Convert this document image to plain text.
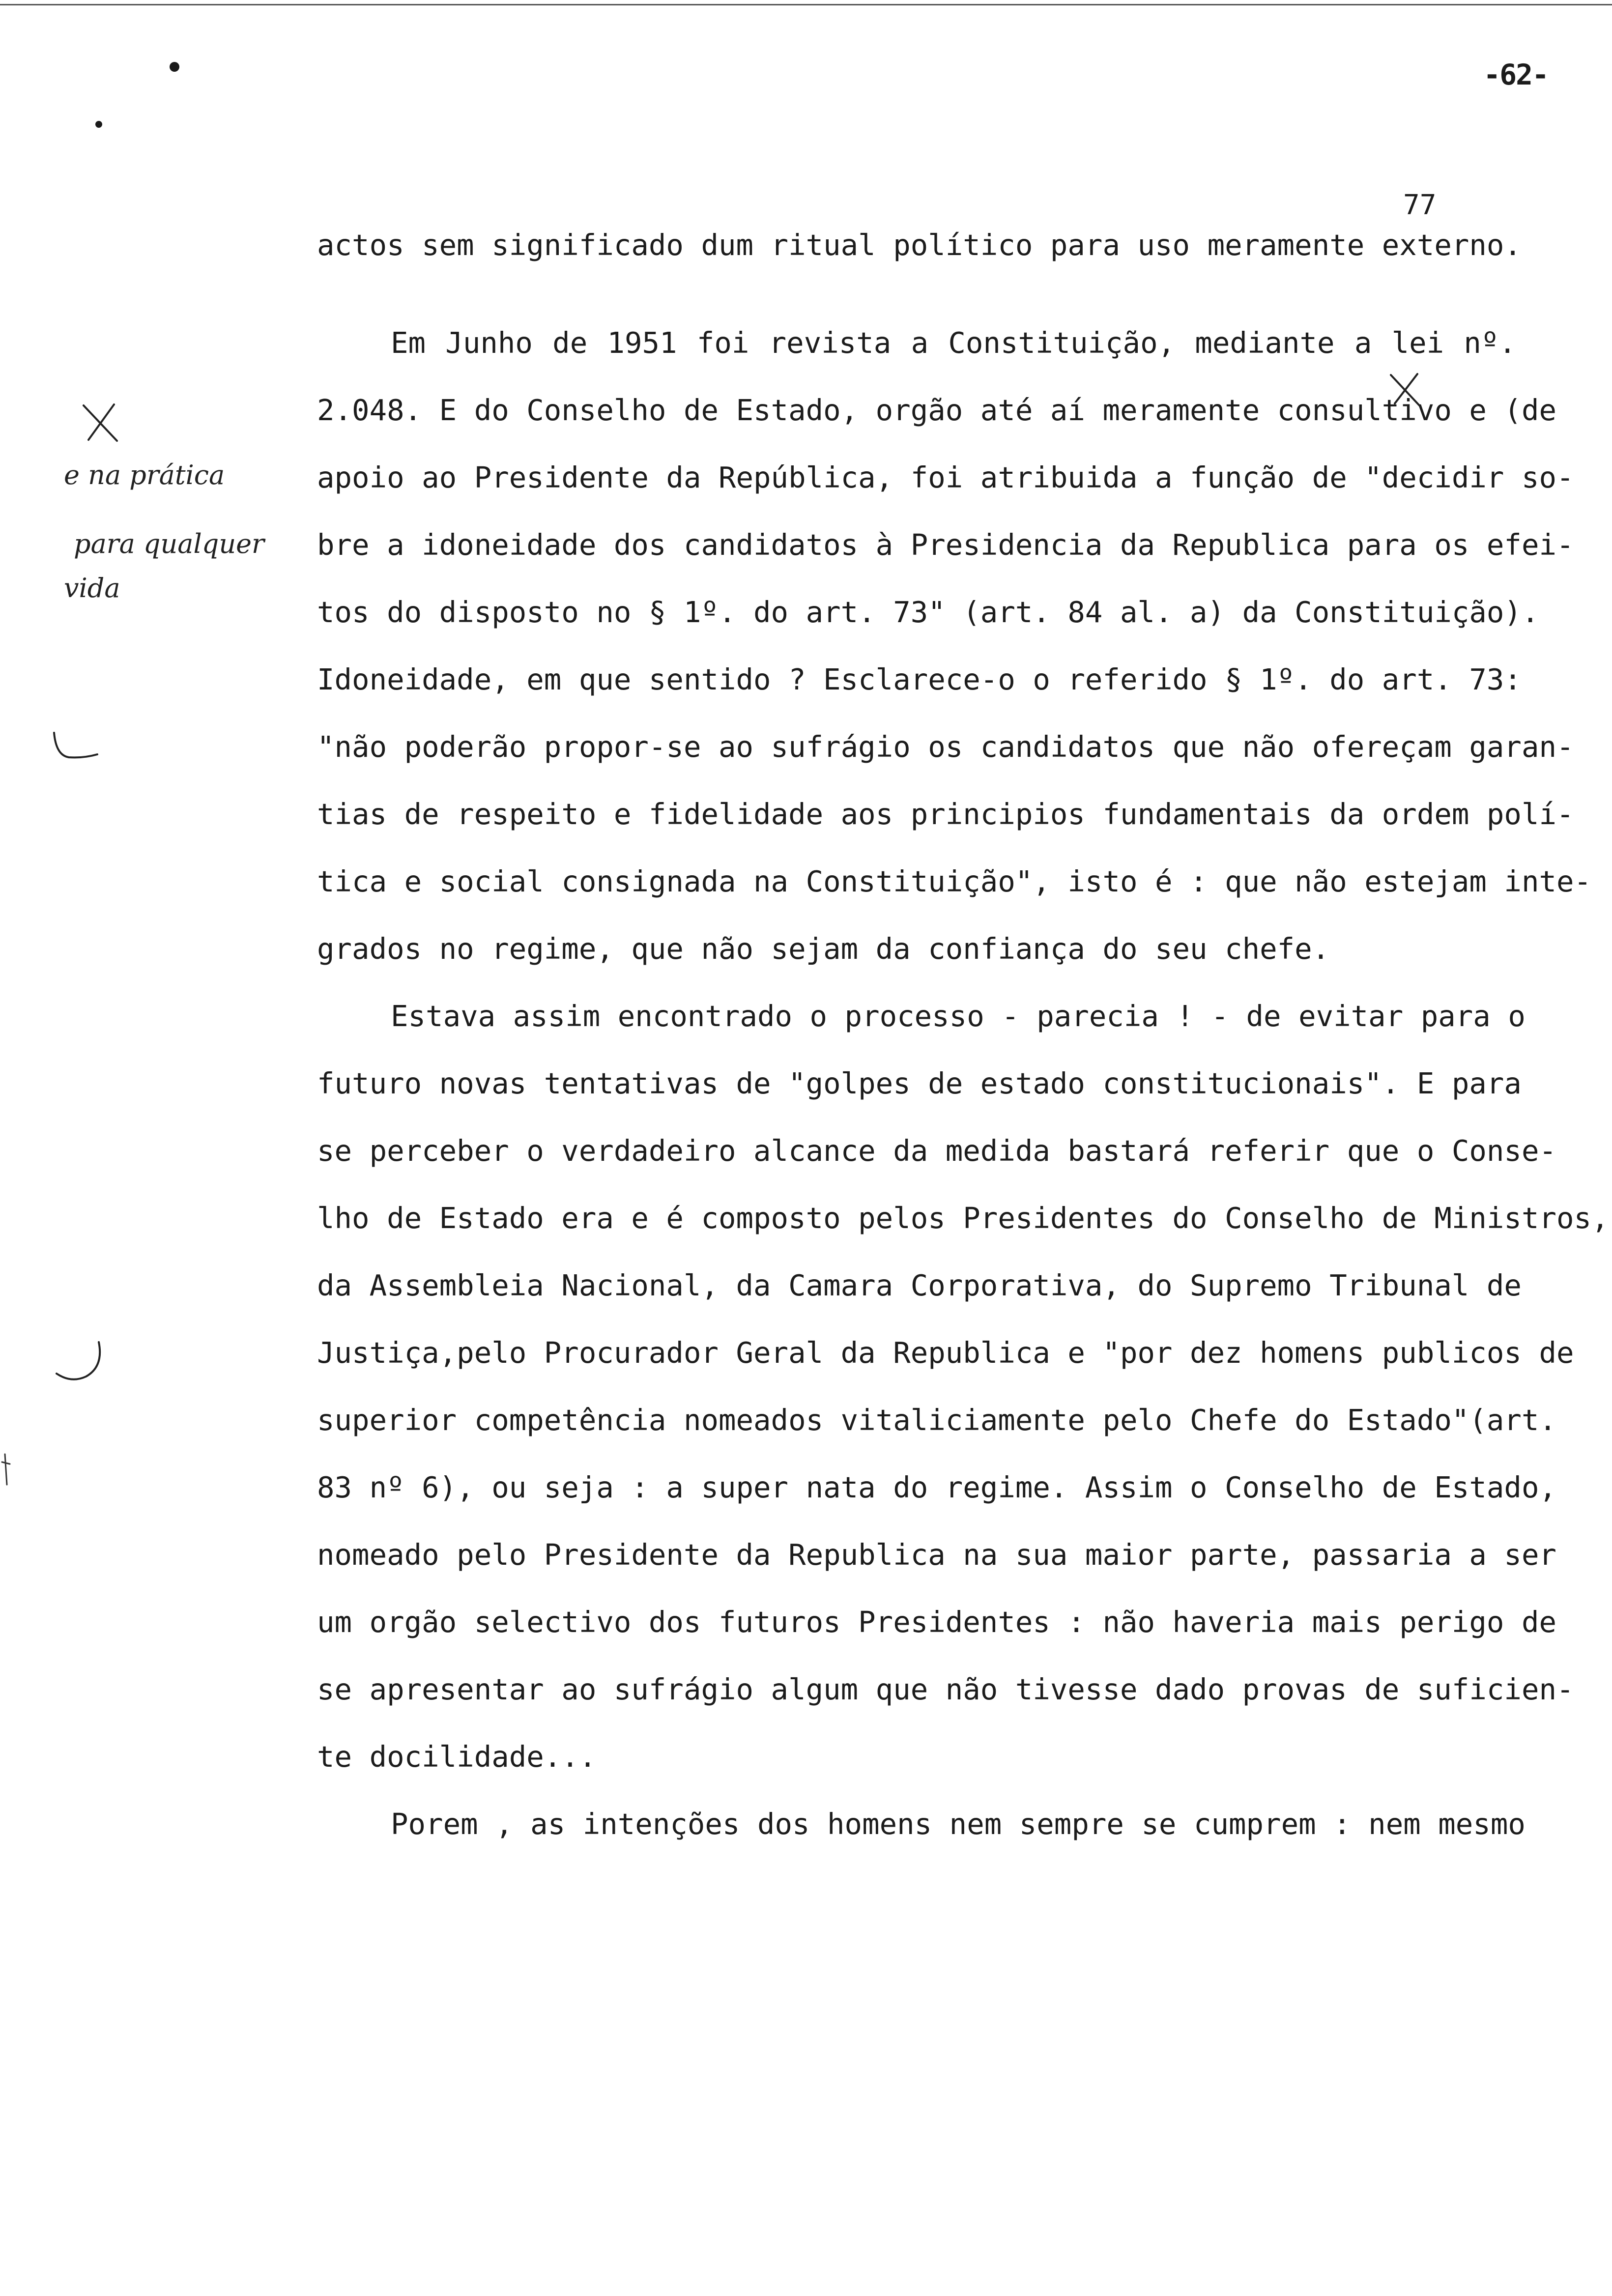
-62-
77
actos sem significado dum ritual político para uso meramente externo.
Em Junho de 1951 foi revista a Constituição, mediante a lei nº.
2.048. E do Conselho de Estado, orgão até aí meramente consultivo e (de
apoio ao Presidente da República, foi atribuida a função de "decidir so-
bre a idoneidade dos candidatos à Presidencia da Republica para os efei-
tos do disposto no § 1º. do art. 73" (art. 84 al. a) da Constituição).
Idoneidade, em que sentido ? Esclarece-o o referido § 1º. do art. 73:
"não poderão propor-se ao sufrágio os candidatos que não ofereçam garan-
tias de respeito e fidelidade aos principios fundamentais da ordem polí-
tica e social consignada na Constituição", isto é : que não estejam inte-
grados no regime, que não sejam da confiança do seu chefe.
Estava assim encontrado o processo - parecia ! - de evitar para o
futuro novas tentativas de "golpes de estado constitucionais". E para
se perceber o verdadeiro alcance da medida bastará referir que o Conse-
lho de Estado era e é composto pelos Presidentes do Conselho de Ministros,
da Assembleia Nacional, da Camara Corporativa, do Supremo Tribunal de
Justiça,pelo Procurador Geral da Republica e "por dez homens publicos de
superior competência nomeados vitaliciamente pelo Chefe do Estado"(art.
83 nº 6), ou seja : a super nata do regime. Assim o Conselho de Estado,
nomeado pelo Presidente da Republica na sua maior parte, passaria a ser
um orgão selectivo dos futuros Presidentes : não haveria mais perigo de
se apresentar ao sufrágio algum que não tivesse dado provas de suficien-
te docilidade...
Porem , as intenções dos homens nem sempre se cumprem : nem mesmo
e na prática
para qualquer
vida
